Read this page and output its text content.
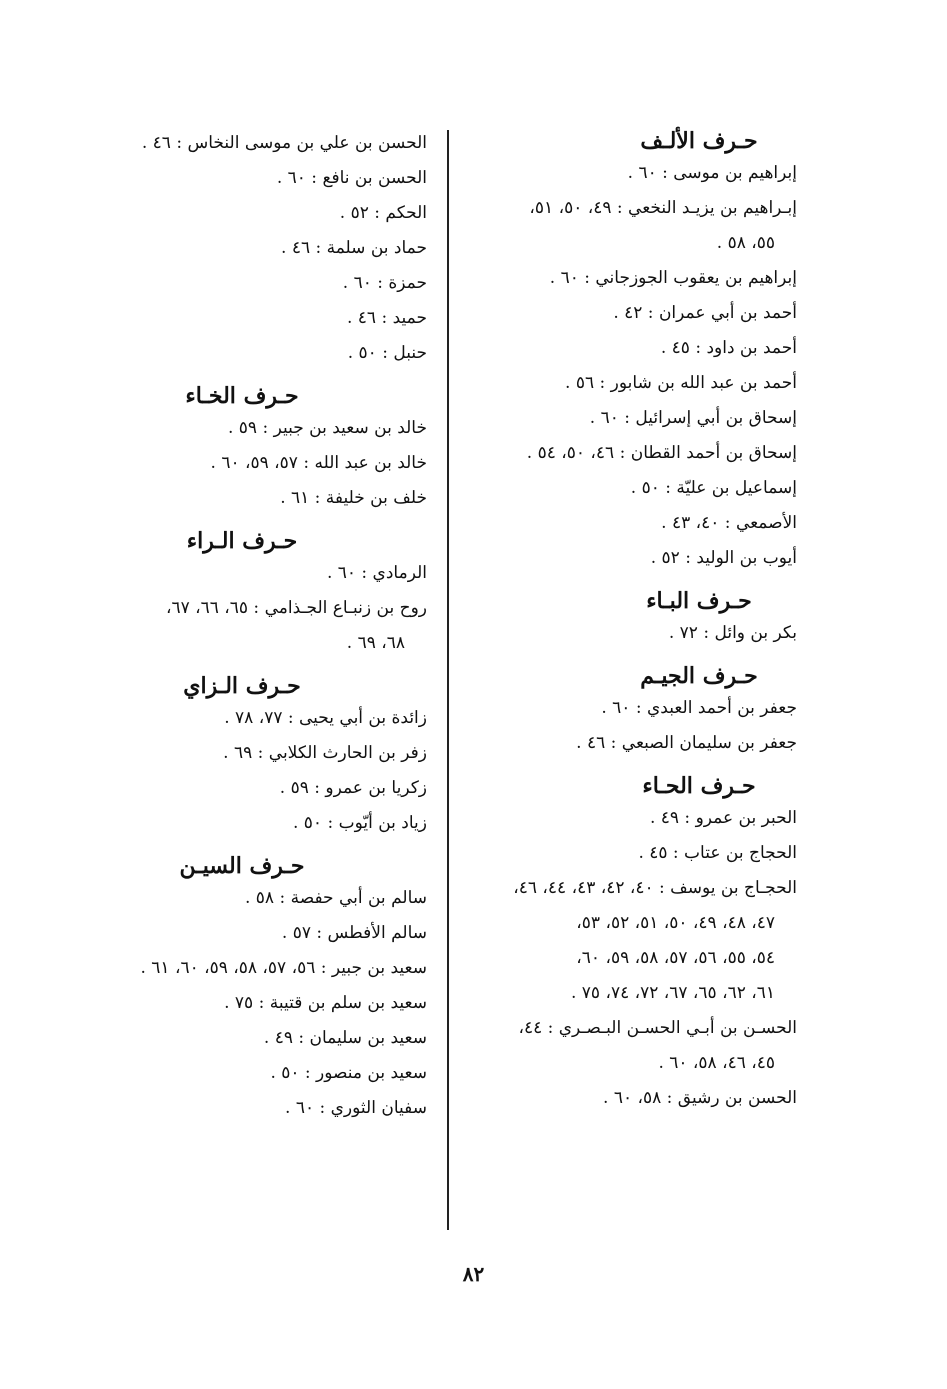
حـرف الألـف
إبراهيم بن موسى : ٦٠ .
إبـراهيم بن يزيـد النخعي : ٤٩، ٥٠، ٥١،
٥٥، ٥٨ .
إبراهيم بن يعقوب الجوزجاني : ٦٠ .
أحمد بن أبي عمران : ٤٢ .
أحمد بن داود : ٤٥ .
أحمد بن عبد الله بن شابور : ٥٦ .
إسحاق بن أبي إسرائيل : ٦٠ .
إسحاق بن أحمد القطان : ٤٦، ٥٠، ٥٤ .
إسماعيل بن عليّة : ٥٠ .
الأصمعي : ٤٠، ٤٣ .
أيوب بن الوليد : ٥٢ .
حـرف البـاء
بكر بن وائل : ٧٢ .
حـرف الجيـم
جعفر بن أحمد العبدي : ٦٠ .
جعفر بن سليمان الصبعي : ٤٦ .
حـرف الحـاء
الحبر بن عمرو : ٤٩ .
الحجاج بن عتاب : ٤٥ .
الحجـاج بن يوسف : ٤٠، ٤٢، ٤٣، ٤٤، ٤٦،
٤٧، ٤٨، ٤٩، ٥٠، ٥١، ٥٢، ٥٣،
٥٤، ٥٥، ٥٦، ٥٧، ٥٨، ٥٩، ٦٠،
٦١، ٦٢، ٦٥، ٦٧، ٧٢، ٧٤، ٧٥ .
الحسـن بن أبـي الحسـن البـصـري : ٤٤،
٤٥، ٤٦، ٥٨، ٦٠ .
الحسن بن رشيق : ٥٨، ٦٠ .
الحسن بن علي بن موسى النخاس : ٤٦ .
الحسن بن نافع : ٦٠ .
الحكم : ٥٢ .
حماد بن سلمة : ٤٦ .
حمزة : ٦٠ .
حميد : ٤٦ .
حنبل : ٥٠ .
حـرف الخـاء
خالد بن سعيد بن جبير : ٥٩ .
خالد بن عبد الله : ٥٧، ٥٩، ٦٠ .
خلف بن خليفة : ٦١ .
حـرف الـراء
الرمادي : ٦٠ .
روح بن زنبـاع الجـذامي : ٦٥، ٦٦، ٦٧،
٦٨، ٦٩ .
حـرف الـزاي
زائدة بن أبي يحيى : ٧٧، ٧٨ .
زفر بن الحارث الكلابي : ٦٩ .
زكريا بن عمرو : ٥٩ .
زياد بن أيّوب : ٥٠ .
حـرف السيـن
سالم بن أبي حفصة : ٥٨ .
سالم الأفطس : ٥٧ .
سعيد بن جبير : ٥٦، ٥٧، ٥٨، ٥٩، ٦٠، ٦١ .
سعيد بن سلم بن قتيبة : ٧٥ .
سعيد بن سليمان : ٤٩ .
سعيد بن منصور : ٥٠ .
سفيان الثوري : ٦٠ .
٨٢
